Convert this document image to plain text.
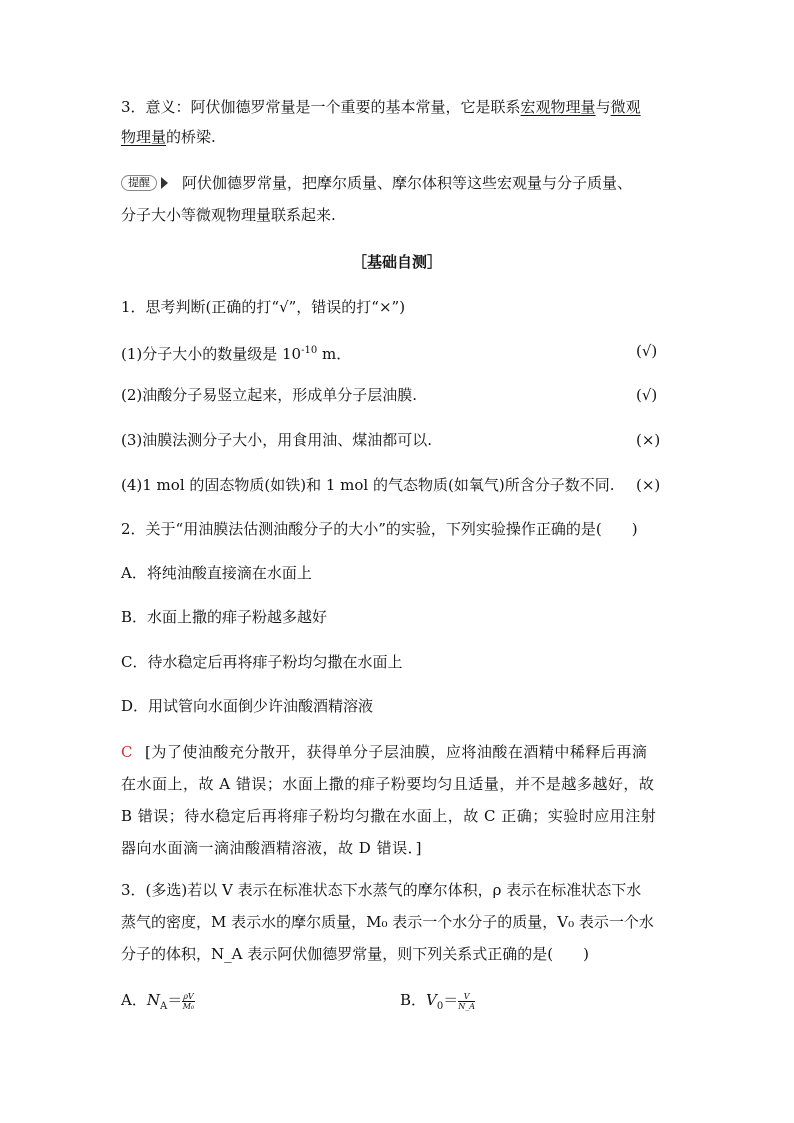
3．意义：阿伏伽德罗常量是一个重要的基本常量，它是联系宏观物理量与微观
物理量的桥梁.
提醒 阿伏伽德罗常量，把摩尔质量、摩尔体积等这些宏观量与分子质量、
分子大小等微观物理量联系起来.
［基础自测］
1．思考判断(正确的打“√”，错误的打“×”)
(1)分子大小的数量级是 $10^{-10}$ m．	(√)
(2)油酸分子易竖立起来，形成单分子层油膜.	(√)
(3)油膜法测分子大小，用食用油、煤油都可以.	(×)
(4)1 mol 的固态物质(如铁)和 1 mol 的气态物质(如氧气)所含分子数不同. (×)
2．关于“用油膜法估测油酸分子的大小”的实验，下列实验操作正确的是(　　)
A．将纯油酸直接滴在水面上
B．水面上撒的痱子粉越多越好
C．待水稳定后再将痱子粉均匀撒在水面上
D．用试管向水面倒少许油酸酒精溶液
C [为了使油酸充分散开，获得单分子层油膜，应将油酸在酒精中稀释后再滴
在水面上，故 A 错误；水面上撒的痱子粉要均匀且适量，并不是越多越好，故
B 错误；待水稳定后再将痱子粉均匀撒在水面上，故 C 正确；实验时应用注射
器向水面滴一滴油酸酒精溶液，故 D 错误．]
3．(多选)若以 V 表示在标准状态下水蒸气的摩尔体积，ρ 表示在标准状态下水
蒸气的密度，M 表示水的摩尔质量，M₀ 表示一个水分子的质量，V₀ 表示一个水
分子的体积，N_A 表示阿伏伽德罗常量，则下列关系式正确的是(　　)
A．$N_A= \frac{\rho V}{\text{M₀}}$	B．$V_0= \frac{V}{N\_A}$
